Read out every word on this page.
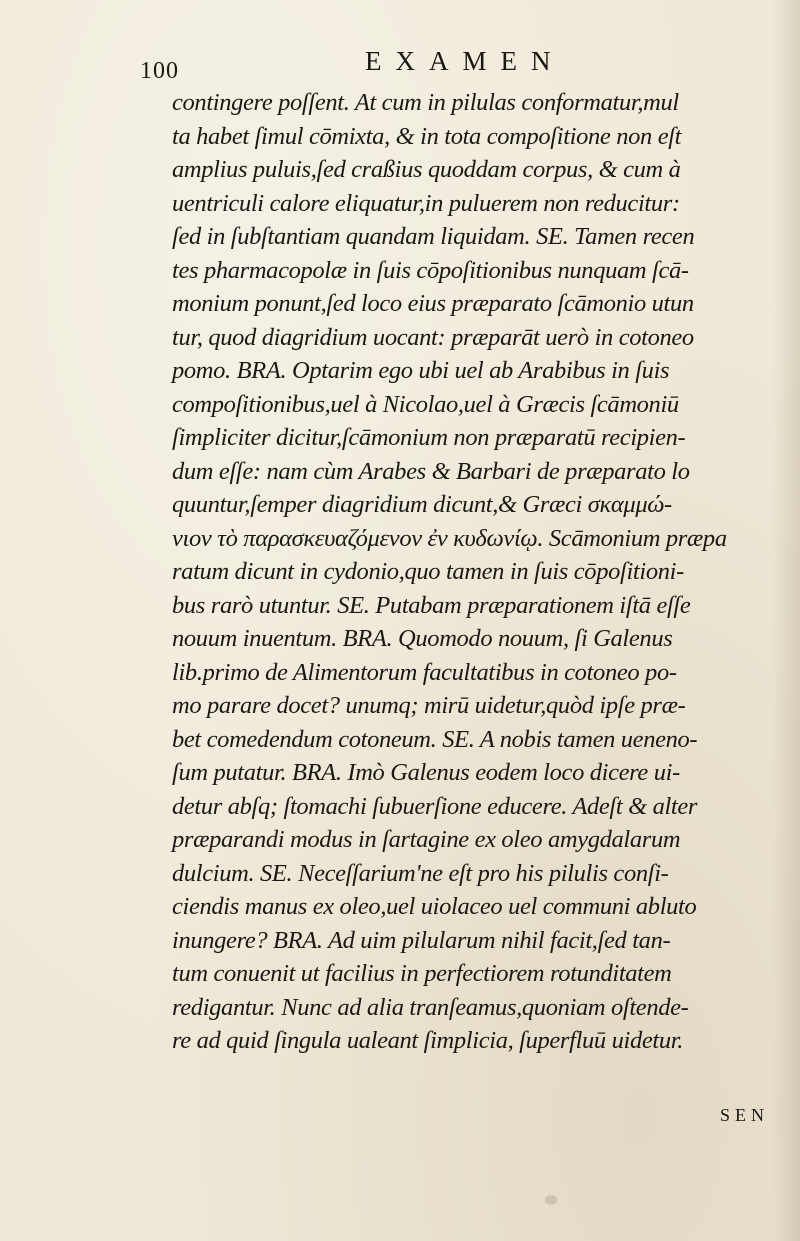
100	EXAMEN
contingere poſſent. At cum in pilulas conformatur,mul
ta habet ſimul cōmixta, & in tota compoſitione non eſt
amplius puluis,ſed craßius quoddam corpus, & cum à
uentriculi calore eliquatur,in puluerem non reducitur:
ſed in ſubſtantiam quandam liquidam. SE. Tamen recen
tes pharmacopolæ in ſuis cōpoſitionibus nunquam ſcā-
monium ponunt,ſed loco eius præparato ſcāmonio utun
tur, quod diagridium uocant: præparāt uerò in cotoneo
pomo. BRA. Optarim ego ubi uel ab Arabibus in ſuis
compoſitionibus,uel à Nicolao,uel à Græcis ſcāmoniū
ſimpliciter dicitur,ſcāmonium non præparatū recipien-
dum eſſe: nam cùm Arabes & Barbari de præparato lo
quuntur,ſemper diagridium dicunt,& Græci σκαμμώ-
νιον τὸ παρασκευαζόμενον ἐν κυδωνίῳ. Scāmonium præpa
ratum dicunt in cydonio,quo tamen in ſuis cōpoſitioni-
bus rarò utuntur. SE. Putabam præparationem iſtā eſſe
nouum inuentum. BRA. Quomodo nouum, ſi Galenus
lib.primo de Alimentorum facultatibus in cotoneo po-
mo parare docet? unumq; mirū uidetur,quòd ipſe præ-
bet comedendum cotoneum. SE. A nobis tamen ueneno-
ſum putatur. BRA. Imò Galenus eodem loco dicere ui-
detur abſq; ſtomachi ſubuerſione educere. Adeſt & alter
præparandi modus in ſartagine ex oleo amygdalarum
dulcium. SE. Neceſſarium'ne eſt pro his pilulis conſi-
ciendis manus ex oleo,uel uiolaceo uel communi abluto
inungere? BRA. Ad uim pilularum nihil facit,ſed tan-
tum conuenit ut facilius in perfectiorem rotunditatem
redigantur. Nunc ad alia tranſeamus,quoniam oſtende-
re ad quid ſingula ualeant ſimplicia, ſuperfluū uidetur.
SEN
